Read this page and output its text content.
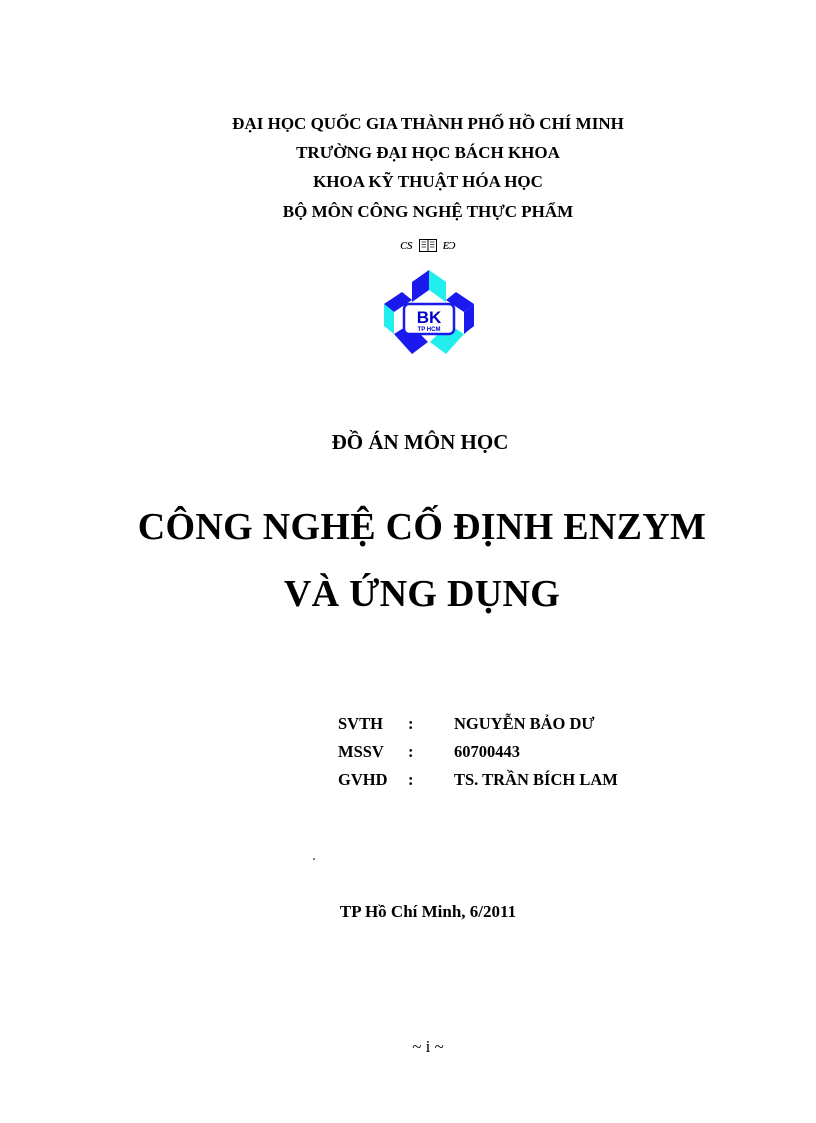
ĐẠI HỌC QUỐC GIA THÀNH PHỐ HỒ CHÍ MINH
TRƯỜNG ĐẠI HỌC BÁCH KHOA
KHOA KỸ THUẬT HÓA HỌC
BỘ MÔN CÔNG NGHỆ THỰC PHẨM
ᴄs ᴇᴐ
BK
TP HCM
ĐỒ ÁN MÔN HỌC
CÔNG NGHỆ CỐ ĐỊNH ENZYM
VÀ ỨNG DỤNG
SVTH	:	NGUYỄN BẢO DƯ
MSSV	:	60700443
GVHD	:	TS. TRẦN BÍCH LAM
TP Hồ Chí Minh, 6/2011
~ i ~
